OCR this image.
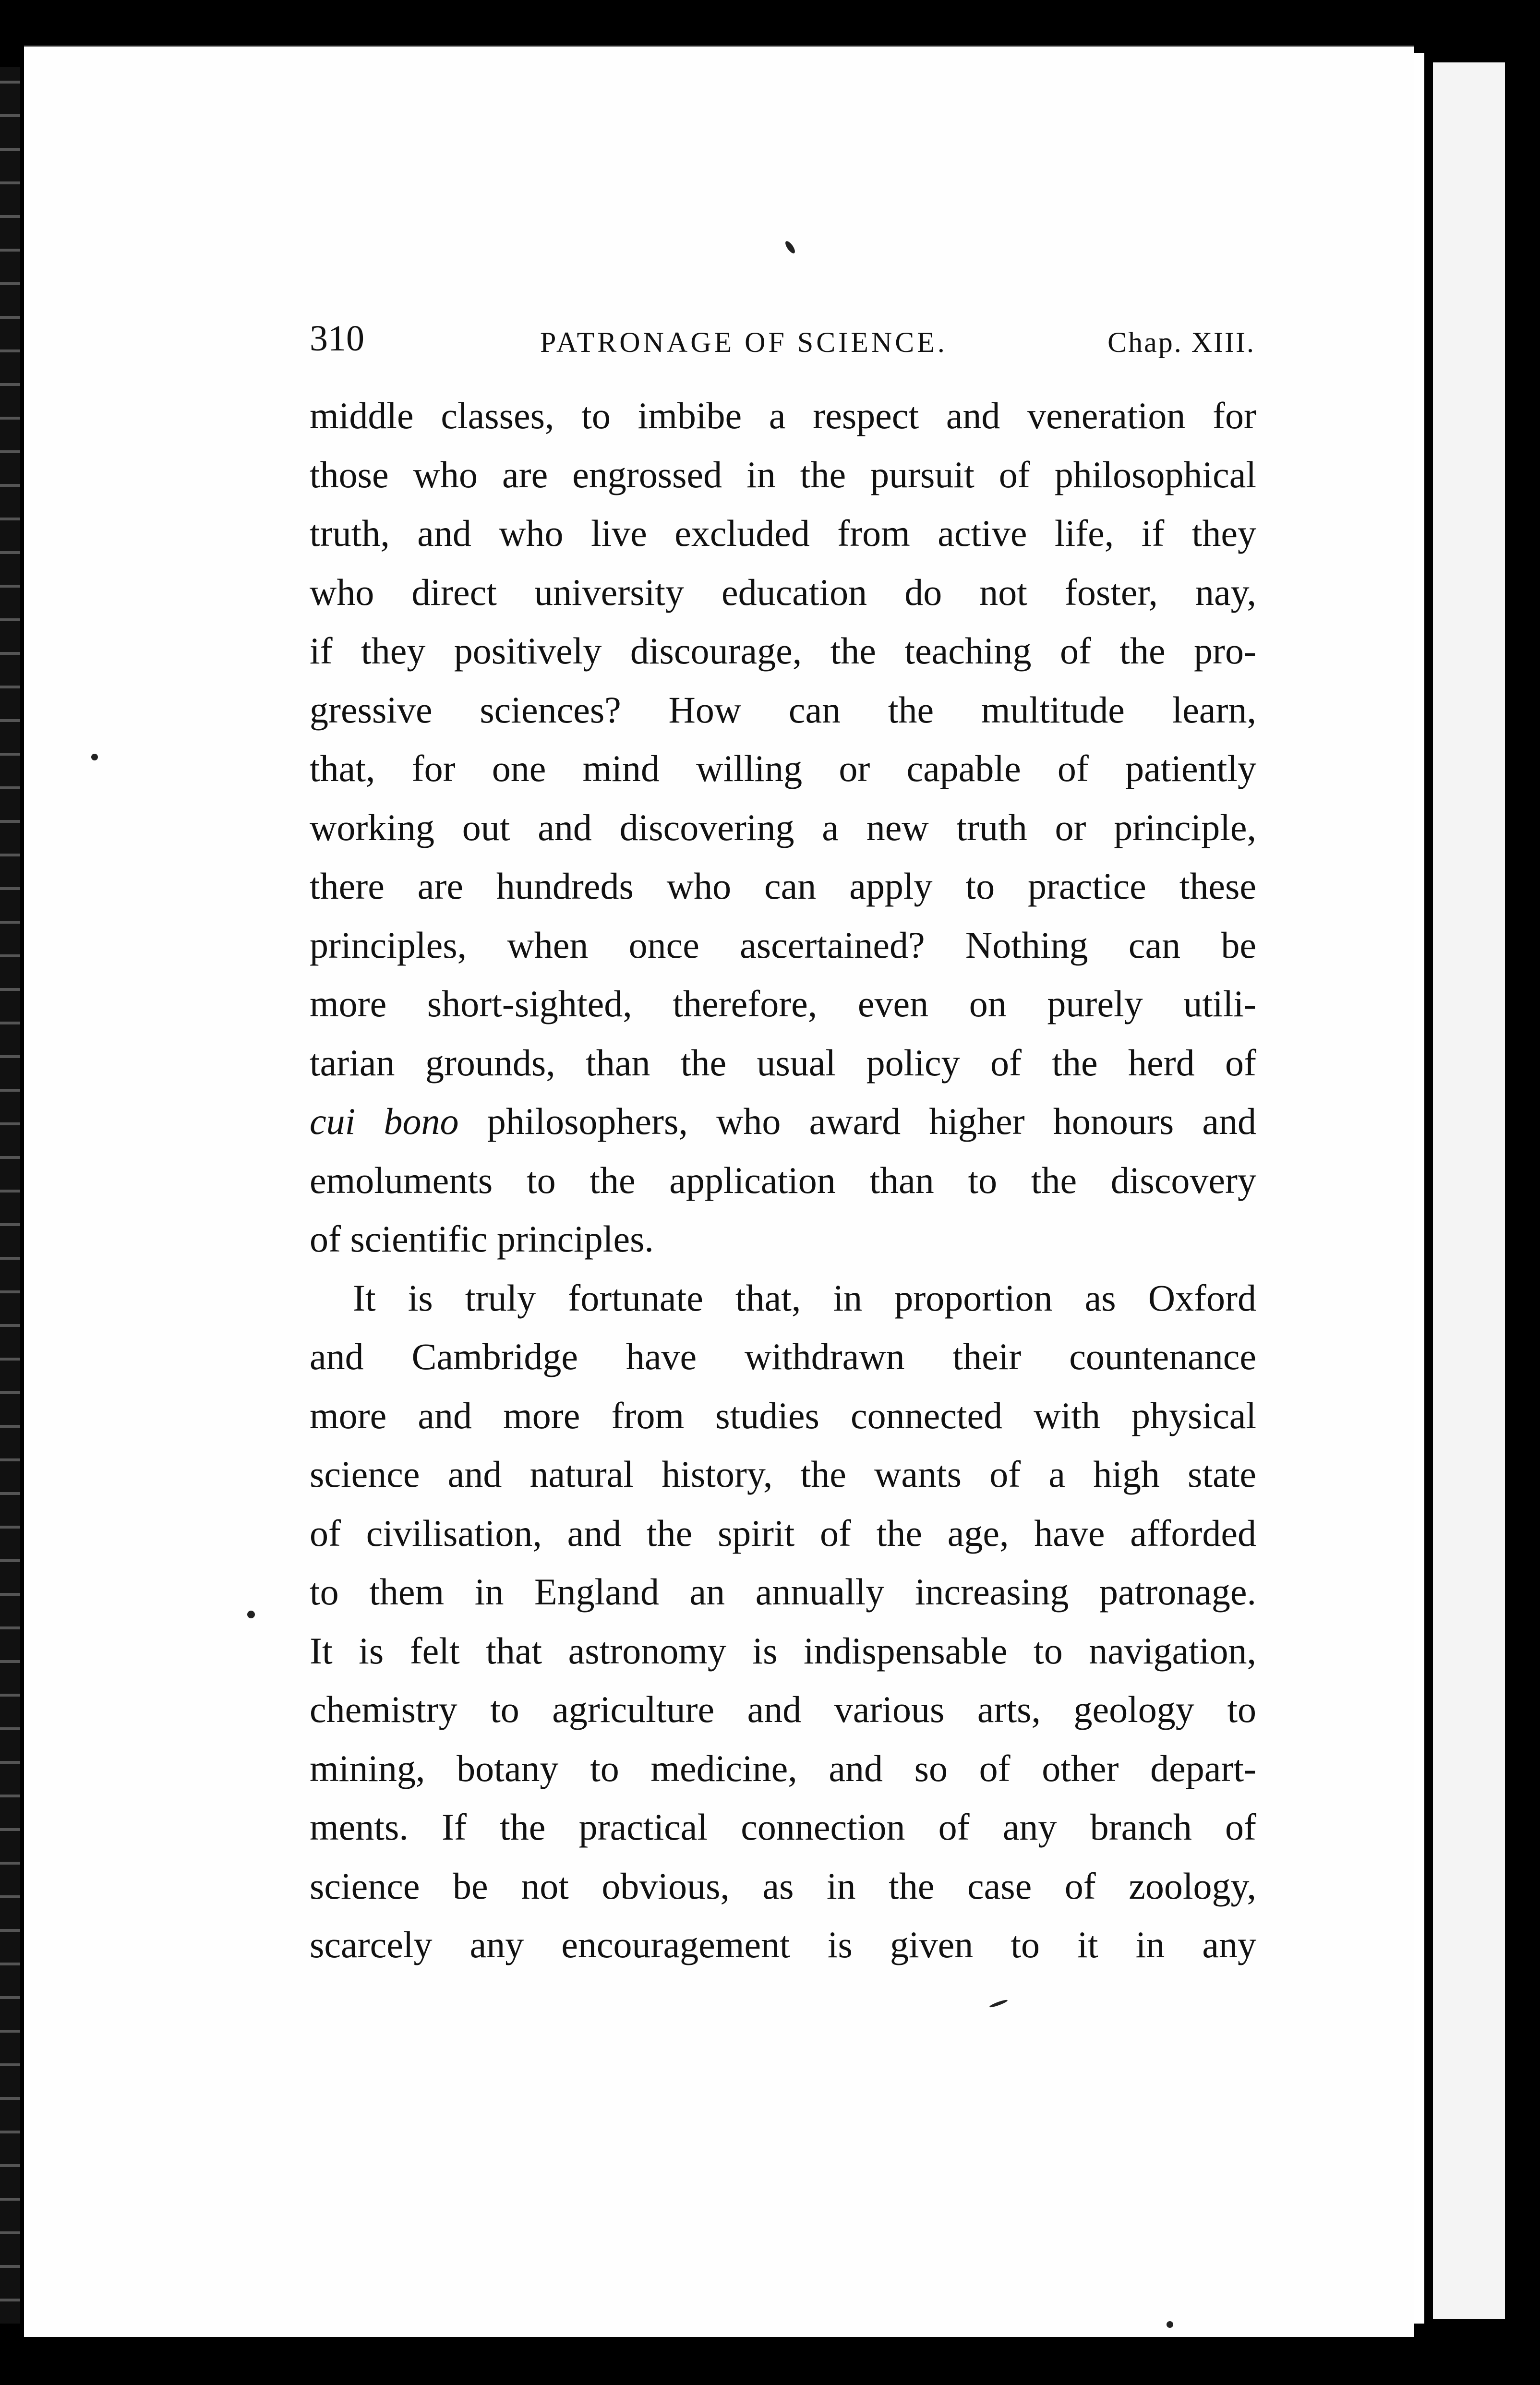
310	PATRONAGE OF SCIENCE.	Chap. XIII.
middle classes, to imbibe a respect and veneration for
those who are engrossed in the pursuit of philosophical
truth, and who live excluded from active life, if they
who direct university education do not foster, nay,
if they positively discourage, the teaching of the pro-
gressive sciences? How can the multitude learn,
that, for one mind willing or capable of patiently
working out and discovering a new truth or principle,
there are hundreds who can apply to practice these
principles, when once ascertained? Nothing can be
more short-sighted, therefore, even on purely utili-
tarian grounds, than the usual policy of the herd of
cui bono philosophers, who award higher honours and
emoluments to the application than to the discovery
of scientific principles.
It is truly fortunate that, in proportion as Oxford
and Cambridge have withdrawn their countenance
more and more from studies connected with physical
science and natural history, the wants of a high state
of civilisation, and the spirit of the age, have afforded
to them in England an annually increasing patronage.
It is felt that astronomy is indispensable to navigation,
chemistry to agriculture and various arts, geology to
mining, botany to medicine, and so of other depart-
ments. If the practical connection of any branch of
science be not obvious, as in the case of zoology,
scarcely any encouragement is given to it in any
